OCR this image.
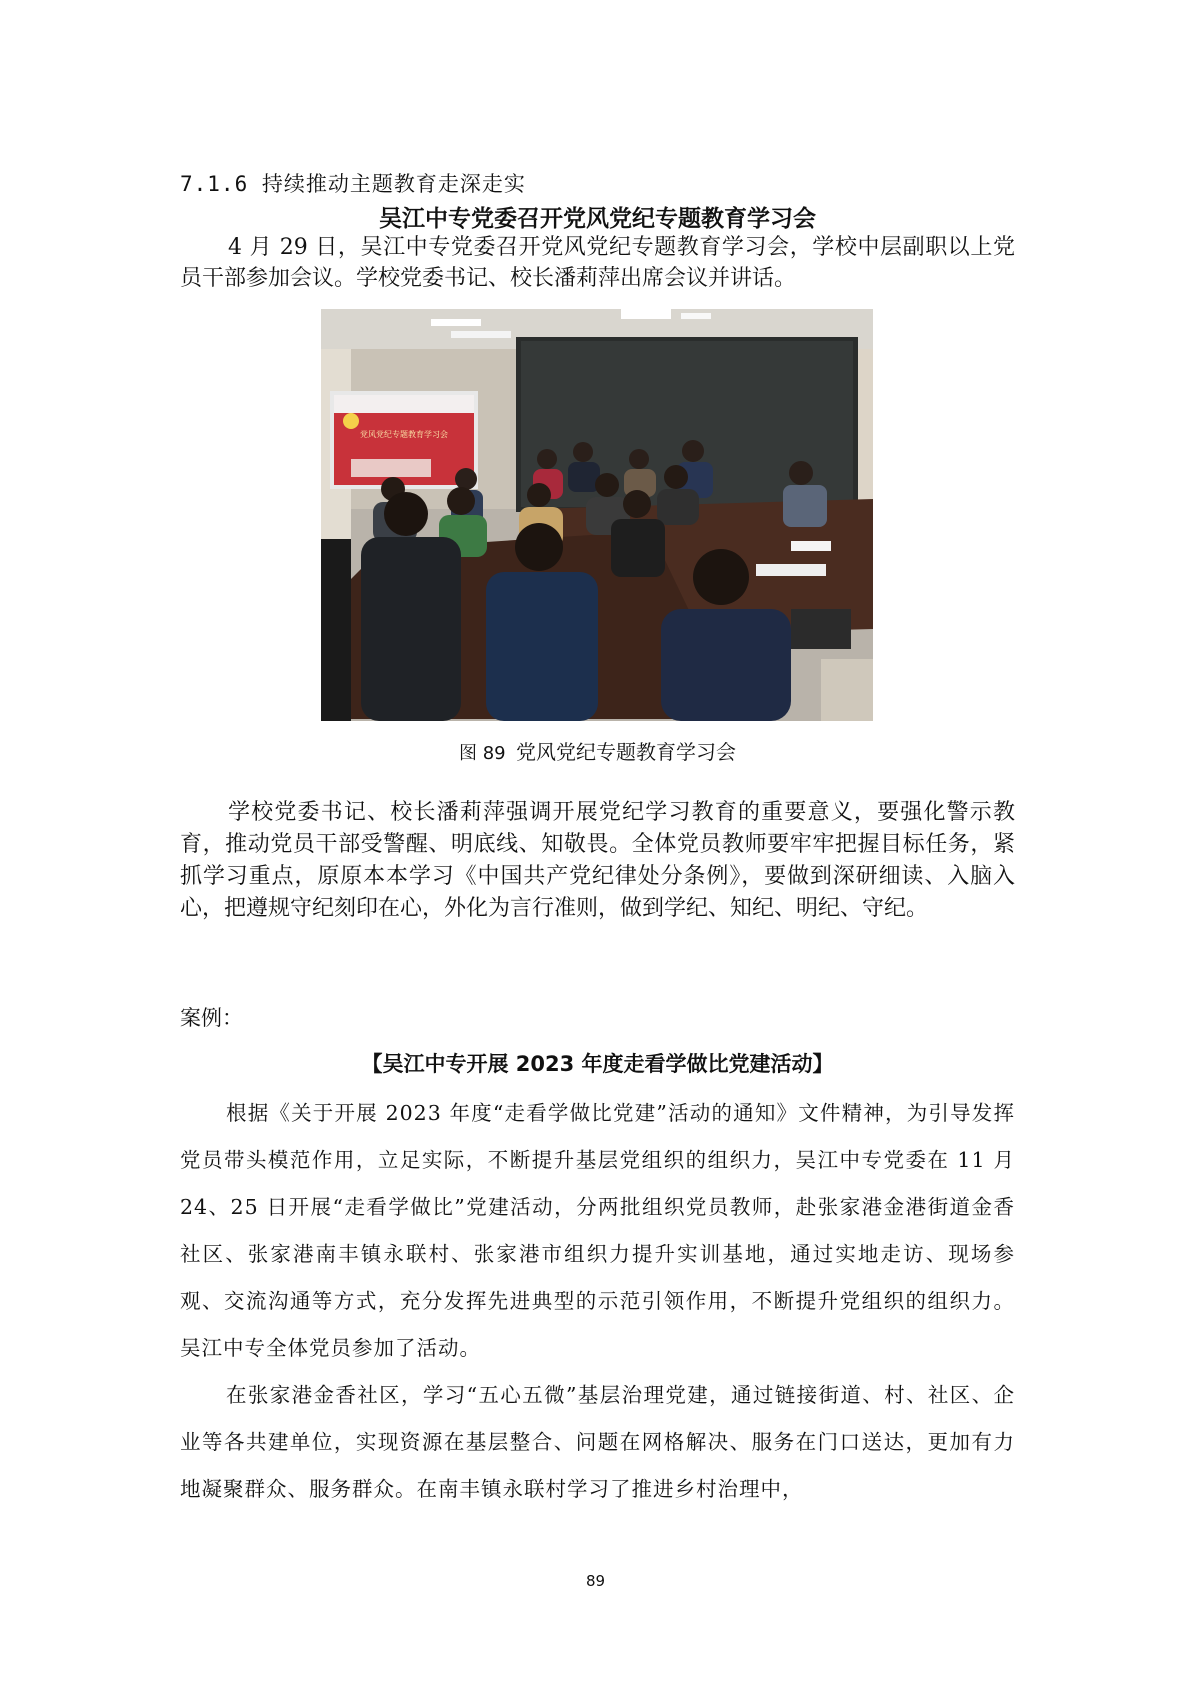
7.1.6 持续推动主题教育走深走实
吴江中专党委召开党风党纪专题教育学习会
4 月 29 日，吴江中专党委召开党风党纪专题教育学习会，学校中层副职以上党员干部参加会议。学校党委书记、校长潘莉萍出席会议并讲话。
党风党纪专题教育学习会
图 89 党风党纪专题教育学习会
学校党委书记、校长潘莉萍强调开展党纪学习教育的重要意义，要强化警示教育，推动党员干部受警醒、明底线、知敬畏。全体党员教师要牢牢把握目标任务，紧抓学习重点，原原本本学习《中国共产党纪律处分条例》，要做到深研细读、入脑入心，把遵规守纪刻印在心，外化为言行准则，做到学纪、知纪、明纪、守纪。
案例：
【吴江中专开展 2023 年度走看学做比党建活动】

根据《关于开展 2023 年度“走看学做比党建”活动的通知》文件精神，为引导发挥党员带头模范作用，立足实际，不断提升基层党组织的组织力，吴江中专党委在 11 月 24、25 日开展“走看学做比”党建活动，分两批组织党员教师，赴张家港金港街道金香社区、张家港南丰镇永联村、张家港市组织力提升实训基地，通过实地走访、现场参观、交流沟通等方式，充分发挥先进典型的示范引领作用，不断提升党组织的组织力。吴江中专全体党员参加了活动。

在张家港金香社区，学习“五心五微”基层治理党建，通过链接街道、村、社区、企业等各共建单位，实现资源在基层整合、问题在网格解决、服务在门口送达，更加有力地凝聚群众、服务群众。在南丰镇永联村学习了推进乡村治理中，

89
